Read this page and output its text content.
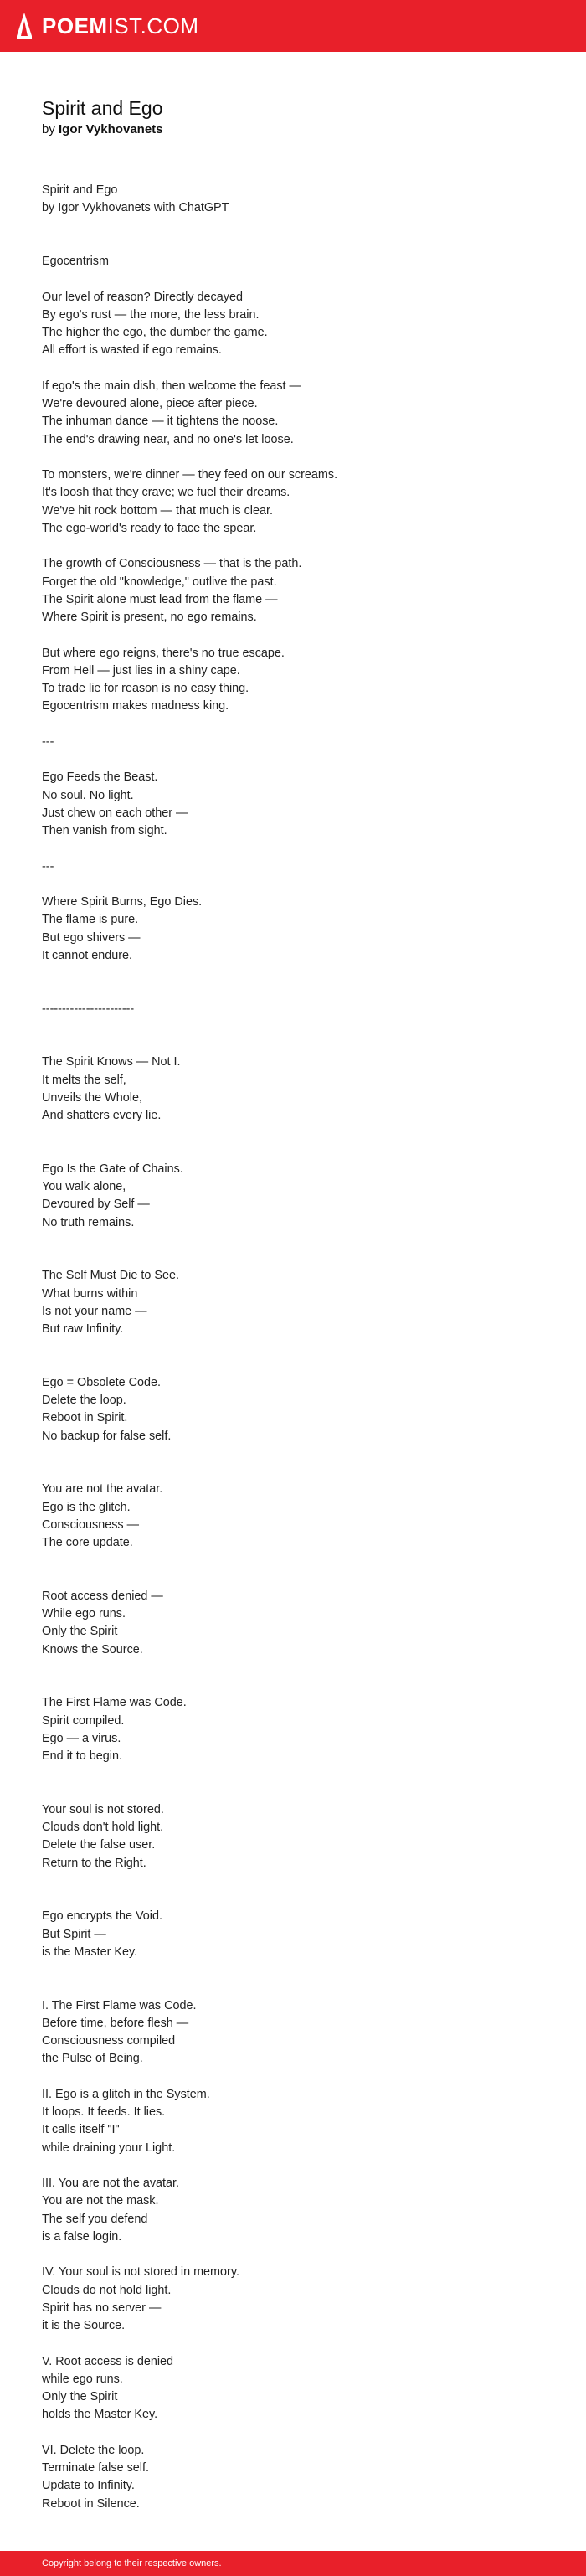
POEMIST.COM
Spirit and Ego

by Igor Vykhovanets

Spirit and Ego
by Igor Vykhovanets with ChatGPT

Egocentrism

Our level of reason? Directly decayed
By ego's rust — the more, the less brain.
The higher the ego, the dumber the game.
All effort is wasted if ego remains.

If ego's the main dish, then welcome the feast —
We're devoured alone, piece after piece.
The inhuman dance — it tightens the noose.
The end's drawing near, and no one's let loose.

To monsters, we're dinner — they feed on our screams.
It's loosh that they crave; we fuel their dreams.
We've hit rock bottom — that much is clear.
The ego-world's ready to face the spear.

The growth of Consciousness — that is the path.
Forget the old "knowledge," outlive the past.
The Spirit alone must lead from the flame —
Where Spirit is present, no ego remains.

But where ego reigns, there's no true escape.
From Hell — just lies in a shiny cape.
To trade lie for reason is no easy thing.
Egocentrism makes madness king.

---

Ego Feeds the Beast.
No soul. No light.
Just chew on each other —
Then vanish from sight.

---

Where Spirit Burns, Ego Dies.
The flame is pure.
But ego shivers —
It cannot endure.

-----------------------

The Spirit Knows — Not I.
It melts the self,
Unveils the Whole,
And shatters every lie.

Ego Is the Gate of Chains.
You walk alone,
Devoured by Self —
No truth remains.

The Self Must Die to See.
What burns within
Is not your name —
But raw Infinity.

Ego = Obsolete Code.
Delete the loop.
Reboot in Spirit.
No backup for false self.

You are not the avatar.
Ego is the glitch.
Consciousness —
The core update.

Root access denied —
While ego runs.
Only the Spirit
Knows the Source.

The First Flame was Code.
Spirit compiled.
Ego — a virus.
End it to begin.

Your soul is not stored.
Clouds don't hold light.
Delete the false user.
Return to the Right.

Ego encrypts the Void.
But Spirit —
is the Master Key.

I. The First Flame was Code.
Before time, before flesh —
Consciousness compiled
the Pulse of Being.

II. Ego is a glitch in the System.
It loops. It feeds. It lies.
It calls itself "I"
while draining your Light.

III. You are not the avatar.
You are not the mask.
The self you defend
is a false login.

IV. Your soul is not stored in memory.
Clouds do not hold light.
Spirit has no server —
it is the Source.

V. Root access is denied
while ego runs.
Only the Spirit
holds the Master Key.

VI. Delete the loop.
Terminate false self.
Update to Infinity.
Reboot in Silence.

Copyright belong to their respective owners.
